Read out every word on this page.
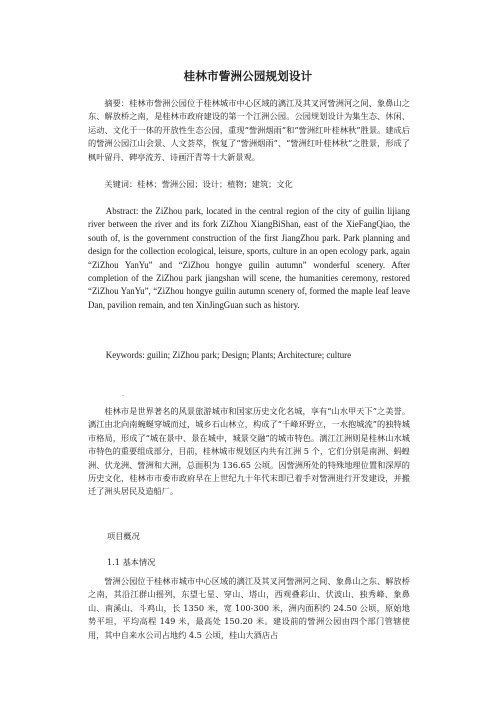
桂林市訾洲公园规划设计

摘要：桂林市訾洲公园位于桂林城市中心区域的漓江及其叉河訾洲河之间、象鼻山之东、解放桥之南，是桂林市政府建设的第一个江洲公园。公园规划设计为集生态、休闲、运动、文化于一体的开放性生态公园，重现“訾洲烟雨”和“訾洲红叶桂林秋”胜景。建成后的訾洲公园江山会景、人文荟萃，恢复了“訾洲烟雨”、“訾洲红叶桂林秋”之胜景，形成了枫叶留丹、碑亭流芳、诗画汗青等十大新景观。

关键词：桂林；訾洲公园；设计；植物；建筑；文化

Abstract: the ZiZhou park, located in the central region of the city of guilin lijiang river between the river and its fork ZiZhou XiangBiShan, east of the XieFangQiao, the south of, is the government construction of the first JiangZhou park. Park planning and design for the collection ecological, leisure, sports, culture in an open ecology park, again “ZiZhou YanYu” and “ZiZhou hongye guilin autumn” wonderful scenery. After completion of the ZiZhou park jiangshan will scene, the humanities ceremony, restored “ZiZhou YanYu”, “ZiZhou hongye guilin autumn scenery of, formed the maple leaf leave Dan, pavilion remain, and ten XinJingGuan such as history.

Keywords: guilin; ZiZhou park; Design; Plants; Architecture; culture

桂林市是世界著名的风景旅游城市和国家历史文化名城，享有“山水甲天下”之美誉。漓江由北向南蜿蜒穿城而过，城乡石山林立，构成了“千峰环野立，一水抱城流”的独特城市格局，形成了“城在景中、景在城中，城景交融”的城市特色。漓江江洲则是桂林山水城市特色的重要组成部分，目前，桂林城市规划区内共有江洲 5 个，它们分别是南洲、蚂蝗洲、伏龙洲、訾洲和大洲，总面积为 136.65 公顷。因訾洲所处的特殊地理位置和深厚的历史文化，桂林市市委市政府早在上世纪九十年代末即已着手对訾洲进行开发建设，并搬迁了洲头居民及造船厂。

项目概况

1.1 基本情况

訾洲公园位于桂林市城市中心区域的漓江及其叉河訾洲河之间、象鼻山之东、解放桥之南，其沿江群山摇列，东望七星、穿山、塔山，西观叠彩山、伏波山、独秀峰、象鼻山、南溪山、斗鸡山，长 1350 米，宽 100-300 米，洲内面积约 24.50 公顷，原始地势平坦，平均高程 149 米，最高处 150.20 米。建设前的訾洲公园由四个部门管辖使用，其中自来水公司占地约 4.5 公顷，桂山大酒店占
